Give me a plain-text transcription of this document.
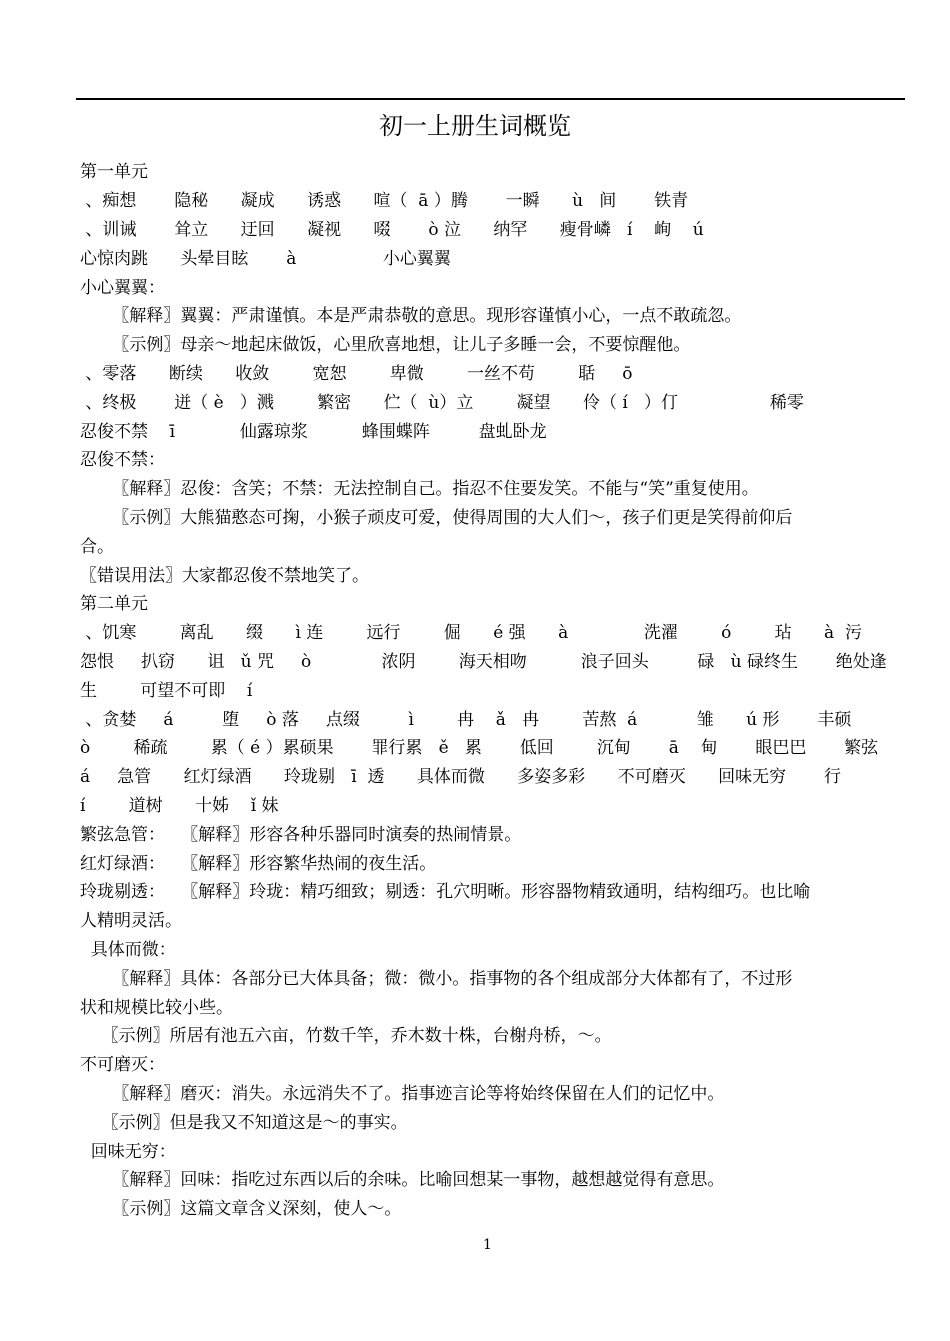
初一上册生词概览
第一单元
、痴想       隐秘      凝成      诱惑      喧（  ā ）腾       一瞬      ù   间       铁青
、训诫       耸立      迂回      凝视      啜       ò 泣      纳罕      瘦骨嶙   í    峋    ú
心惊肉跳      头晕目眩       à                小心翼翼
小心翼翼：
〖解释〗翼翼：严肃谨慎。本是严肃恭敬的意思。现形容谨慎小心，一点不敢疏忽。
〖示例〗母亲～地起床做饭，心里欣喜地想，让儿子多睡一会，不要惊醒他。
、零落      断续      收敛        宽恕        卑微        一丝不苟        聒     ō
、终极       迸（ è   ）溅        繁密      伫（  ù）立        凝望      伶（ í   ）仃                 稀零
忍俊不禁    ī            仙露琼浆          蜂围蝶阵         盘虬卧龙
忍俊不禁：
〖解释〗忍俊：含笑；不禁：无法控制自己。指忍不住要发笑。不能与“笑”重复使用。
〖示例〗大熊猫憨态可掬，小猴子顽皮可爱，使得周围的大人们～，孩子们更是笑得前仰后
合。
〖错误用法〗大家都忍俊不禁地笑了。
第二单元
、饥寒        离乱      缀      ì 连        远行        倔      é 强      à              洗濯        ó        玷      à  污
怨恨     扒窃      诅   ǔ 咒     ò             浓阴        海天相吻          浪子回头         碌   ù 碌终生       绝处逢
生        可望不可即    í
、贪婪     á         堕     ò 落     点缀         ì        冉    ǎ   冉        苦熬  á           雏      ú 形       丰硕
ò        稀疏        累（ é ）累硕果       罪行累   ě   累       低回        沉甸       ā    甸       眼巴巴       繁弦
á     急管      红灯绿酒      玲珑剔   ī  透      具体而微      多姿多彩      不可磨灭      回味无穷       行
í        道树      十姊    ǐ 妹
繁弦急管：   〖解释〗形容各种乐器同时演奏的热闹情景。
红灯绿酒：   〖解释〗形容繁华热闹的夜生活。
玲珑剔透：   〖解释〗玲珑：精巧细致；剔透：孔穴明晰。形容器物精致通明，结构细巧。也比喻
人精明灵活。
具体而微：
〖解释〗具体：各部分已大体具备；微：微小。指事物的各个组成部分大体都有了，不过形
状和规模比较小些。
〖示例〗所居有池五六亩，竹数千竿，乔木数十株，台榭舟桥，～。
不可磨灭：
〖解释〗磨灭：消失。永远消失不了。指事迹言论等将始终保留在人们的记忆中。
〖示例〗但是我又不知道这是～的事实。
回味无穷：
〖解释〗回味：指吃过东西以后的余味。比喻回想某一事物，越想越觉得有意思。
〖示例〗这篇文章含义深刻，使人～。
1
